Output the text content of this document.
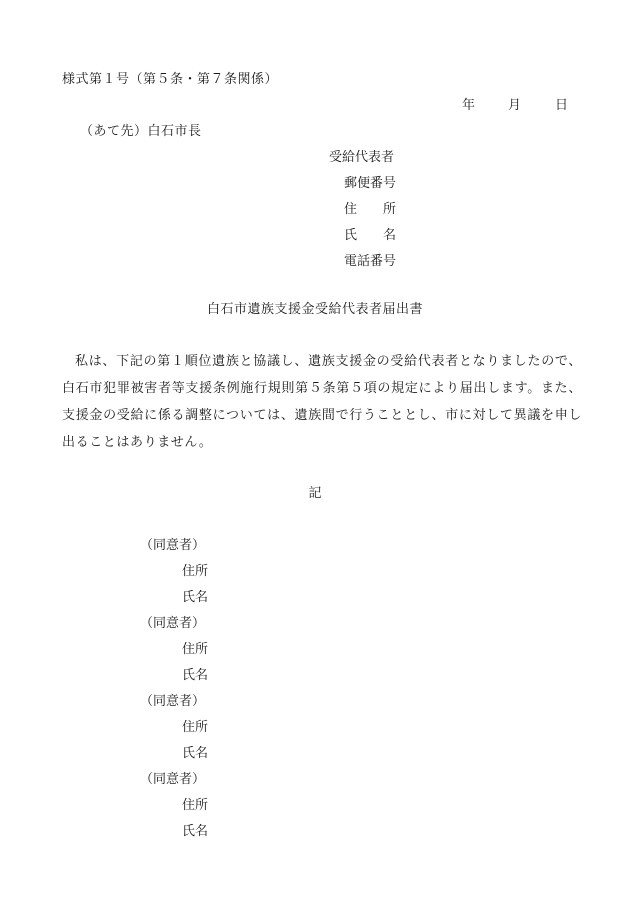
様式第１号（第５条・第７条関係）
年	月	日
（あて先）白石市長
受給代表者
郵便番号
住　　所
氏　　名
電話番号
白石市遺族支援金受給代表者届出書
私は、下記の第１順位遺族と協議し、遺族支援金の受給代表者となりましたので、白石市犯罪被害者等支援条例施行規則第５条第５項の規定により届出します。また、支援金の受給に係る調整については、遺族間で行うこととし、市に対して異議を申し出ることはありません。
記
（同意者）
住所
氏名
（同意者）
住所
氏名
（同意者）
住所
氏名
（同意者）
住所
氏名
